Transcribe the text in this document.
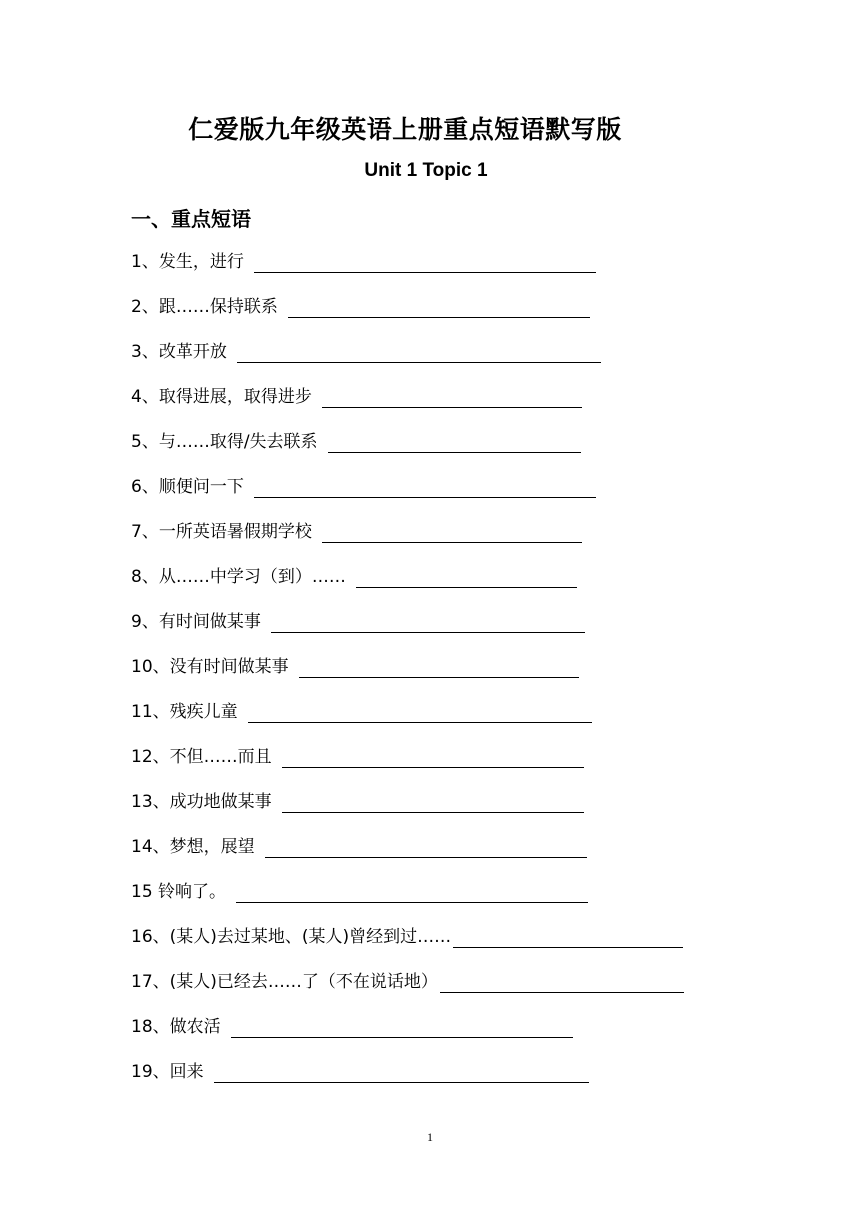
仁爱版九年级英语上册重点短语默写版
Unit 1 Topic 1
一、重点短语
1、发生，进行
2、跟……保持联系
3、改革开放
4、取得进展，取得进步
5、与……取得/失去联系
6、顺便问一下
7、一所英语暑假期学校
8、从……中学习（到）……
9、有时间做某事
10、没有时间做某事
11、残疾儿童
12、不但……而且
13、成功地做某事
14、梦想，展望
15 铃响了。
16、(某人)去过某地、(某人)曾经到过……
17、(某人)已经去……了（不在说话地）
18、做农活
19、回来
1
